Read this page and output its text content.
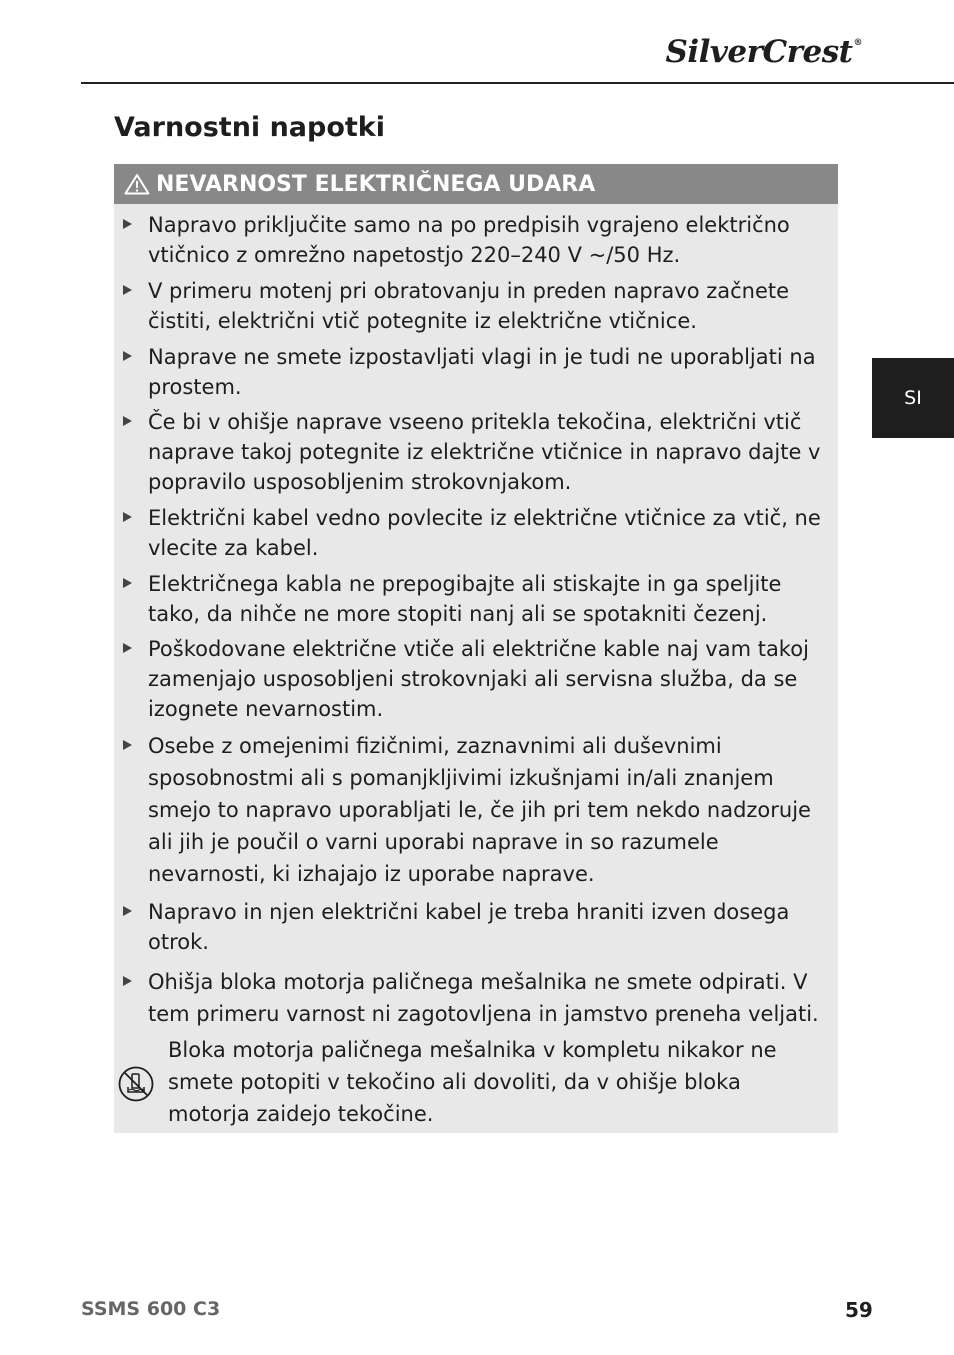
SilverCrest®
Varnostni napotki
SI
NEVARNOST ELEKTRIČNEGA UDARA
Napravo priključite samo na po predpisih vgrajeno električno vtičnico z omrežno napetostjo 220–240 V ~/50 Hz.
V primeru motenj pri obratovanju in preden napravo začnete čistiti, električni vtič potegnite iz električne vtičnice.
Naprave ne smete izpostavljati vlagi in je tudi ne uporabljati na prostem.
Če bi v ohišje naprave vseeno pritekla tekočina, električni vtič naprave takoj potegnite iz električne vtičnice in napravo dajte v popravilo usposobljenim strokovnjakom.
Električni kabel vedno povlecite iz električne vtičnice za vtič, ne vlecite za kabel.
Električnega kabla ne prepogibajte ali stiskajte in ga speljite tako, da nihče ne more stopiti nanj ali se spotakniti čezenj.
Poškodovane električne vtiče ali električne kable naj vam takoj zamenjajo usposobljeni strokovnjaki ali servisna služba, da se izognete nevarnostim.
Osebe z omejenimi fizičnimi, zaznavnimi ali duševnimi sposobnostmi ali s pomanjkljivimi izkušnjami in/ali znanjem smejo to napravo uporabljati le, če jih pri tem nekdo nadzoruje ali jih je poučil o varni uporabi naprave in so razumele nevarnosti, ki izhajajo iz uporabe naprave.
Napravo in njen električni kabel je treba hraniti izven dosega otrok.
Ohišja bloka motorja paličnega mešalnika ne smete odpirati. V tem primeru varnost ni zagotovljena in jamstvo preneha veljati.
Bloka motorja paličnega mešalnika v kompletu nikakor ne smete potopiti v tekočino ali dovoliti, da v ohišje bloka motorja zaidejo tekočine.
SSMS 600 C3	59
